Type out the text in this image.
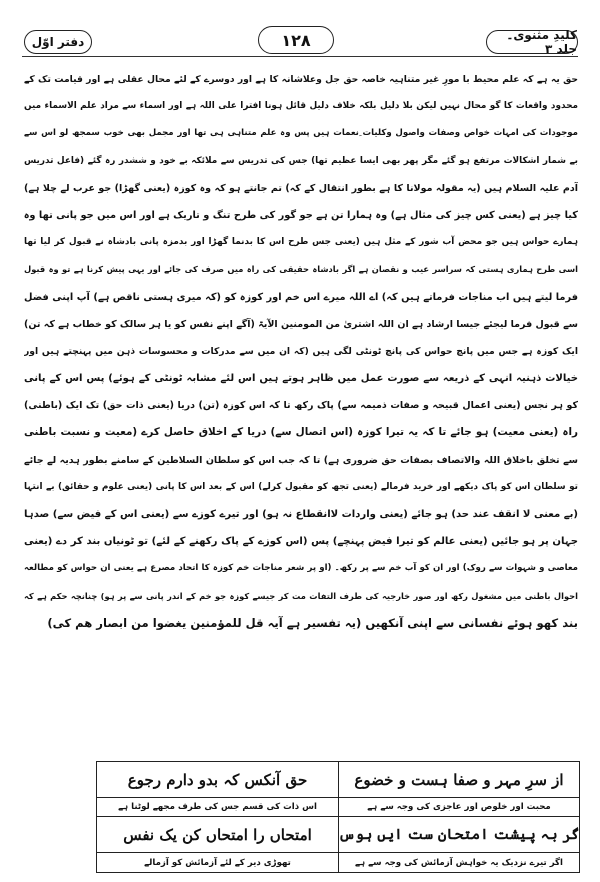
کلیدِ مثنوی۔ جلد ۳
۱۲۸
دفتر اوّل
حق یہ ہے کہ علم محیط با مورِ غیر متناہیہ خاصہ حق جل وعلاشانہ کا ہے اور دوسرے کے لئے محال عقلی ہے اور قیامت تک کے
محدود واقعات کا گو محال نہیں لیکن بلا دلیل بلکہ خلاف دلیل قائل ہونا افترا علی اللہ ہے اور اسماء سے مراد علم الاسماء میں
موجودات کی امہات خواص وصفات واصول وکلیات ِنعمات ہیں پس وہ علم متناہی ہی تھا اور مجمل بھی خوب سمجھ لو اس سے
بے شمار اشکالات مرتفع ہو گئے مگر پھر بھی ایسا عظیم تھا) جس کی تدریس سے ملائکہ بے خود و ششدر رہ گئے (فاعل تدریس
آدم علیہ السلام ہیں (یہ مقولہ مولانا کا ہے بطور انتقال کے کہ) تم جانتے ہو کہ وہ کوزہ (یعنی گھڑا) جو عرب لے چلا ہے)
کیا چیز ہے (یعنی کس چیز کی مثال ہے) وہ ہمارا تن ہے جو گور کی طرح تنگ و تاریک ہے اور اس میں جو پانی تھا وہ
ہمارے حواس ہیں جو محض آب شور کے مثل ہیں (یعنی جس طرح اس کا بدنما گھڑا اور بدمزہ پانی بادشاہ نے قبول کر لیا تھا
اسی طرح ہماری ہستی کہ سراسر عیب و نقصان ہے اگر بادشاہ حقیقی کی راہ میں صرف کی جائے اور یہی پیش کرنا ہے تو وہ قبول
فرما لیتے ہیں اب مناجات فرماتے ہیں کہ) اے اللہ میرے اس خم اور کوزہ کو (کہ میری ہستی ناقص ہے) آپ اپنی فضل
سے قبول فرما لیجئے جیسا ارشاد ہے ان اللہ اشتریٰ من المومنین الآیۃ (آگے اپنے نفس کو یا ہر سالک کو خطاب ہے کہ تن)
ایک کوزہ ہے جس میں پانچ حواس کی پانچ ٹونٹی لگی ہیں (کہ ان میں سے مدرکات و محسوسات ذہن میں پہنچتے ہیں اور
خیالات ذہنیہ انہی کے ذریعہ سے صورت عمل میں ظاہر ہوتے ہیں اس لئے مشابہ ٹونٹی کے ہوئے) پس اس کے پانی
کو ہر نجس (یعنی اعمال قبیحہ و صفات ذمیمہ سے) پاک رکھ تا کہ اس کوزہ (تن) دریا (یعنی ذات حق) تک ایک (باطنی)
راہ (یعنی معیت) ہو جائے تا کہ یہ تیرا کوزہ (اس اتصال سے) دریا کے اخلاق حاصل کرے (معیت و نسبت باطنی
سے تخلق باخلاق اللہ والاتصاف بصفات حق ضروری ہے) تا کہ جب اس کو سلطان السلاطین کے سامنے بطور ہدیہ لے جائے
تو سلطان اس کو پاک دیکھے اور خرید فرمالے (یعنی تجھ کو مقبول کرلے) اس کے بعد اس کا پانی (یعنی علوم و حقائق) بے انتہا
(بے معنی لا انقف عند حد) ہو جائے (یعنی واردات لاانقطاع نہ ہو) اور تیرے کوزے سے (یعنی اس کے فیض سے) صدہا
جہان پر ہو جائیں (یعنی عالم کو تیرا فیض پہنچے) پس (اس کوزے کے پاک رکھنے کے لئے) تو ٹونیاں بند کر دے (یعنی
معاصی و شہوات سے روک) اور ان کو آب خم سے پر رکھ۔ (او پر شعر مناجات خم کوزہ کا اتحاد مصرع ہے یعنی ان حواس کو مطالعہ
احوال باطنی میں مشغول رکھ اور صور خارجیہ کی طرف التفات مت کر جیسے کوزہ جو خم کے اندر پانی سے پر ہو) چنانچہ حکم ہے کہ
بند کھو ہوئے نفسانی سے اپنی آنکھیں (یہ تفسیر ہے آیہ قل للمؤمنین یغضوا من ابصار ھم کی)
از سرِ مہر و صفا ہست و خضوع
حق آنکس کہ بدو دارم رجوع
محبت اور خلوص اور عاجزی کی وجہ سے ہے
اس ذات کی قسم جس کی طرف مجھے لوٹنا ہے
گر بہ پیشت امتحان ست ایں ہوس
امتحاں را امتحاں کن یک نفس
اگر تیرے نزدیک یہ خواہش آزمائش کی وجہ سے ہے
تھوڑی دیر کے لئے آزمائش کو آزمالے
